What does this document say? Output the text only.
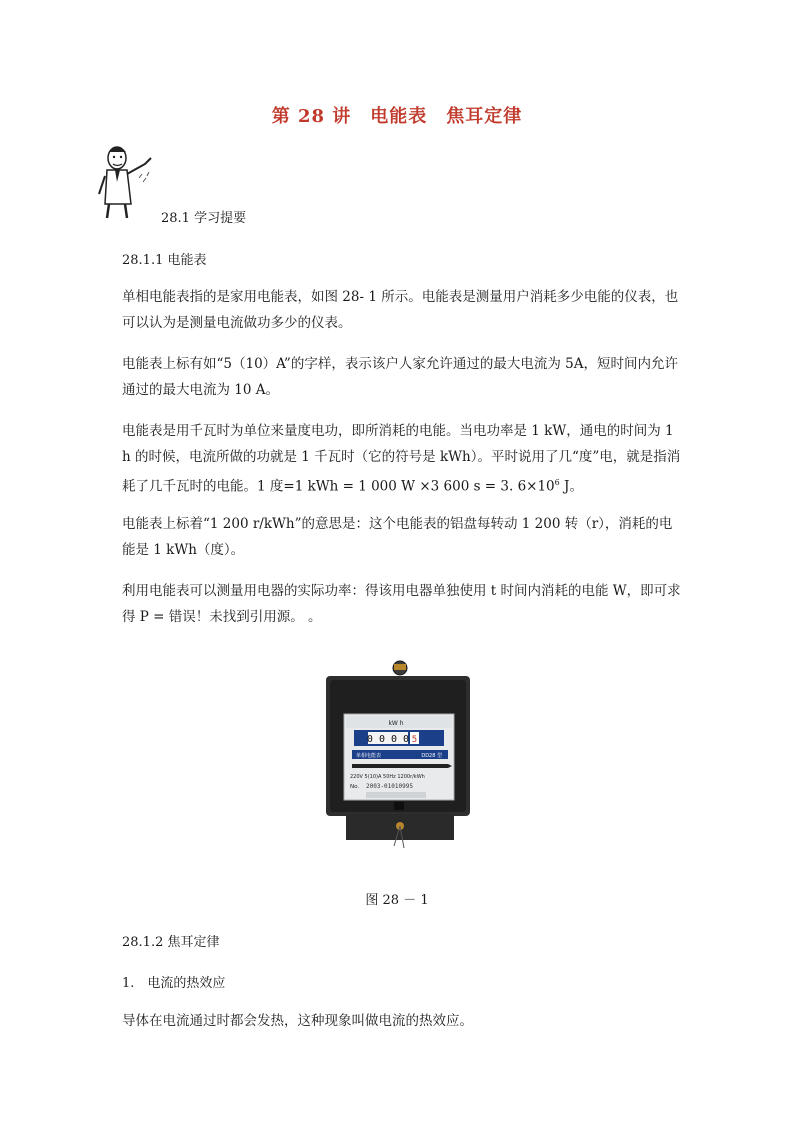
第 28 讲　电能表　焦耳定律
28.1 学习提要
28.1.1 电能表

单相电能表指的是家用电能表，如图 28- 1 所示。电能表是测量用户消耗多少电能的仪表，也可以认为是测量电流做功多少的仪表。

电能表上标有如“5（10）A”的字样，表示该户人家允许通过的最大电流为 5A，短时间内允许通过的最大电流为 10 A。

电能表是用千瓦时为单位来量度电功，即所消耗的电能。当电功率是 1 kW，通电的时间为 1 h 的时候，电流所做的功就是 1 千瓦时（它的符号是 kWh）。平时说用了几“度”电，就是指消耗了几千瓦时的电能。1 度=1 kWh = 1 000 W ×3 600 s = 3. $6\times 10^6$ J。

电能表上标着“1 200 r/kWh”的意思是：这个电能表的铝盘每转动 1 200 转（r），消耗的电能是 1 kWh（度）。

利用电能表可以测量用电器的实际功率：得该用电器单独使用 t 时间内消耗的电能 W，即可求得 P = 错误！未找到引用源。 。

kW h
0 0 0 0 5
单相电能表	DD28 型
220V 5(10)A 50Hz 1200r/kWh
No. 2003-01010995
图 28 － 1
28.1.2 焦耳定律
1.　电流的热效应

导体在电流通过时都会发热，这种现象叫做电流的热效应。
